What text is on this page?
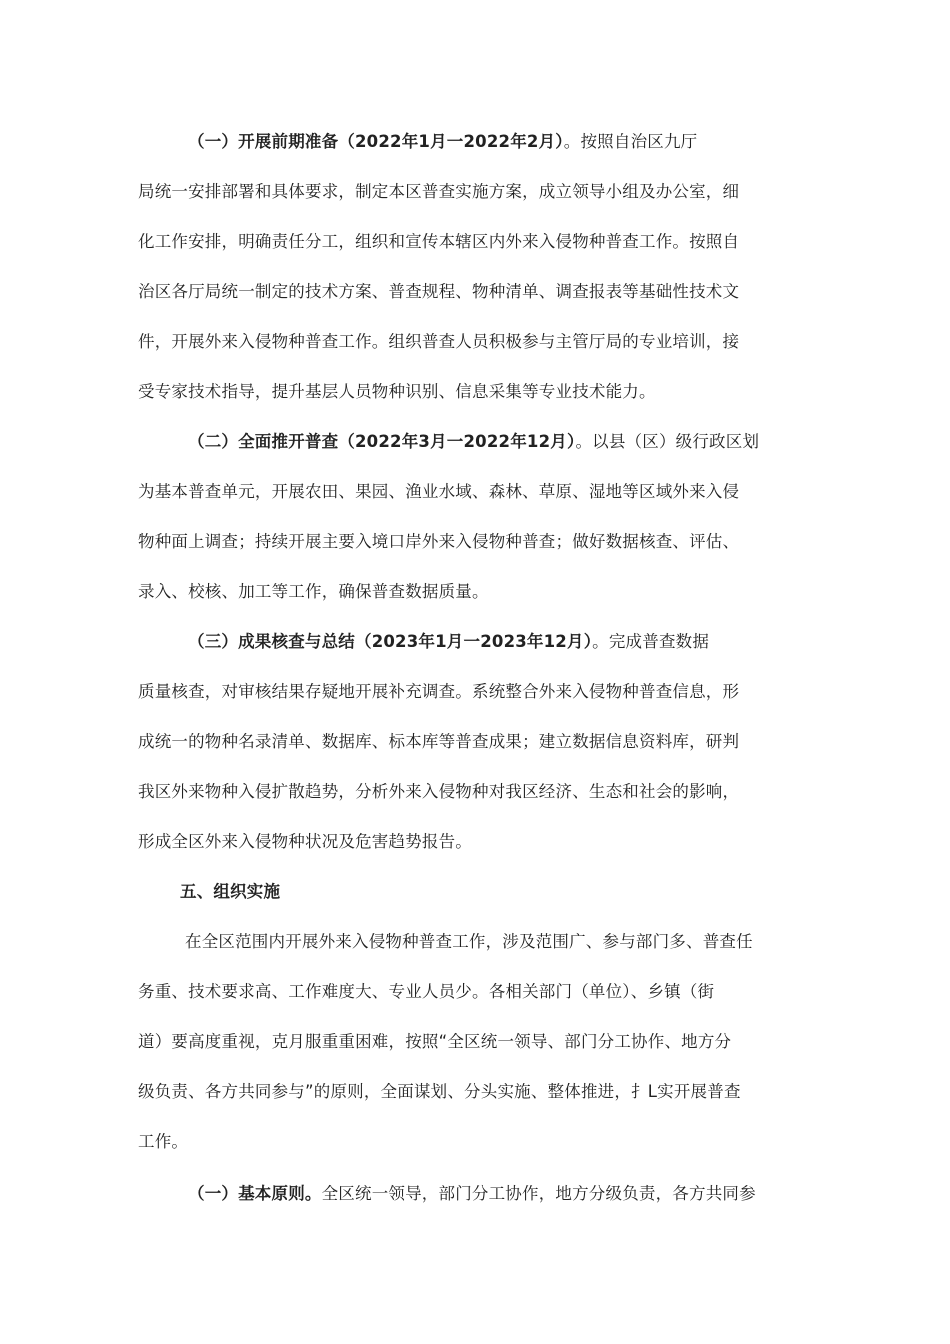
（一）开展前期准备（2022年1月一2022年2月）。按照自治区九厅
局统一安排部署和具体要求，制定本区普查实施方案，成立领导小组及办公室，细
化工作安排，明确责任分工，组织和宣传本辖区内外来入侵物种普查工作。按照自
治区各厅局统一制定的技术方案、普查规程、物种清单、调查报表等基础性技术文
件，开展外来入侵物种普查工作。组织普查人员积极参与主管厅局的专业培训，接
受专家技术指导，提升基层人员物种识别、信息采集等专业技术能力。
（二）全面推开普查（2022年3月一2022年12月）。以县（区）级行政区划
为基本普查单元，开展农田、果园、渔业水域、森林、草原、湿地等区域外来入侵
物种面上调查；持续开展主要入境口岸外来入侵物种普查；做好数据核查、评估、
录入、校核、加工等工作，确保普查数据质量。
（三）成果核查与总结（2023年1月一2023年12月）。完成普查数据
质量核查，对审核结果存疑地开展补充调查。系统整合外来入侵物种普查信息，形
成统一的物种名录清单、数据库、标本库等普查成果；建立数据信息资料库，研判
我区外来物种入侵扩散趋势，分析外来入侵物种对我区经济、生态和社会的影响，
形成全区外来入侵物种状况及危害趋势报告。
五、组织实施
在全区范围内开展外来入侵物种普查工作，涉及范围广、参与部门多、普查任
务重、技术要求高、工作难度大、专业人员少。各相关部门（单位）、乡镇（街
道）要高度重视，克月服重重困难，按照“全区统一领导、部门分工协作、地方分
级负责、各方共同参与”的原则，全面谋划、分头实施、整体推进，扌L实开展普查
工作。
（一）基本原则。全区统一领导，部门分工协作，地方分级负责，各方共同参
